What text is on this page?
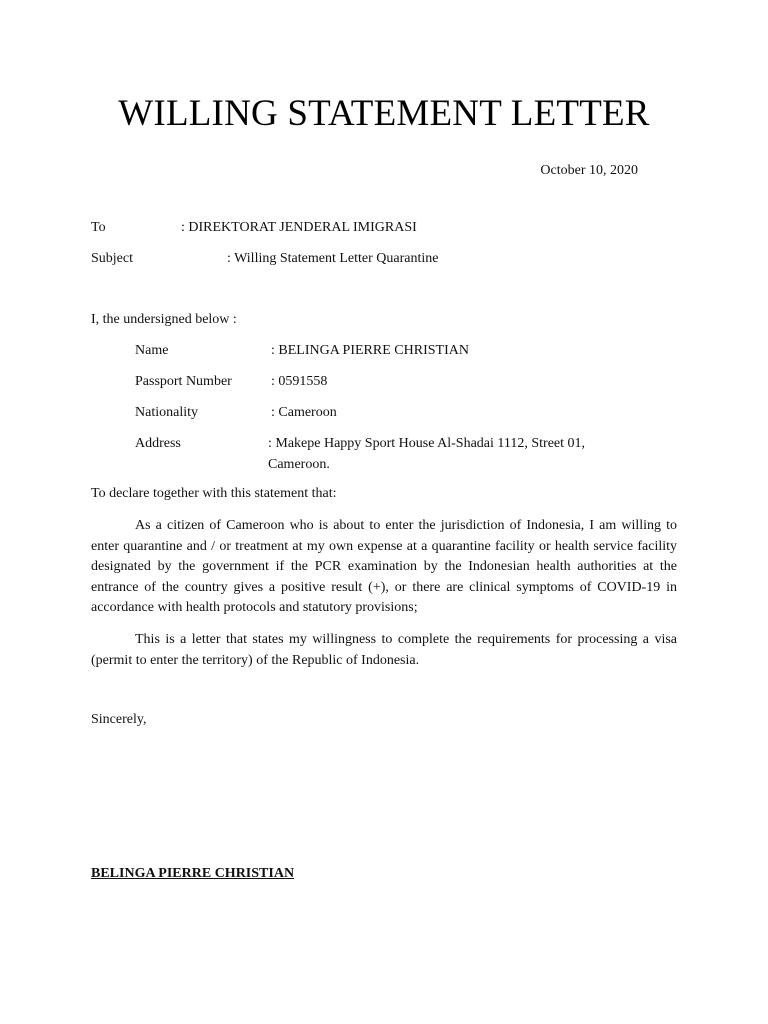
WILLING STATEMENT LETTER
October 10, 2020
To	: DIREKTORAT JENDERAL IMIGRASI
Subject	: Willing Statement Letter Quarantine
I, the undersigned below :
Name	: BELINGA PIERRE CHRISTIAN
Passport Number	: 0591558
Nationality	: Cameroon
Address	: Makepe Happy Sport House Al-Shadai 1112, Street 01,
Cameroon.
To declare together with this statement that:

As a citizen of Cameroon who is about to enter the jurisdiction of Indonesia, I am willing to enter quarantine and / or treatment at my own expense at a quarantine facility or health service facility designated by the government if the PCR examination by the Indonesian health authorities at the entrance of the country gives a positive result (+), or there are clinical symptoms of COVID-19 in accordance with health protocols and statutory provisions;

This is a letter that states my willingness to complete the requirements for processing a visa (permit to enter the territory) of the Republic of Indonesia.

Sincerely,
BELINGA PIERRE CHRISTIAN
